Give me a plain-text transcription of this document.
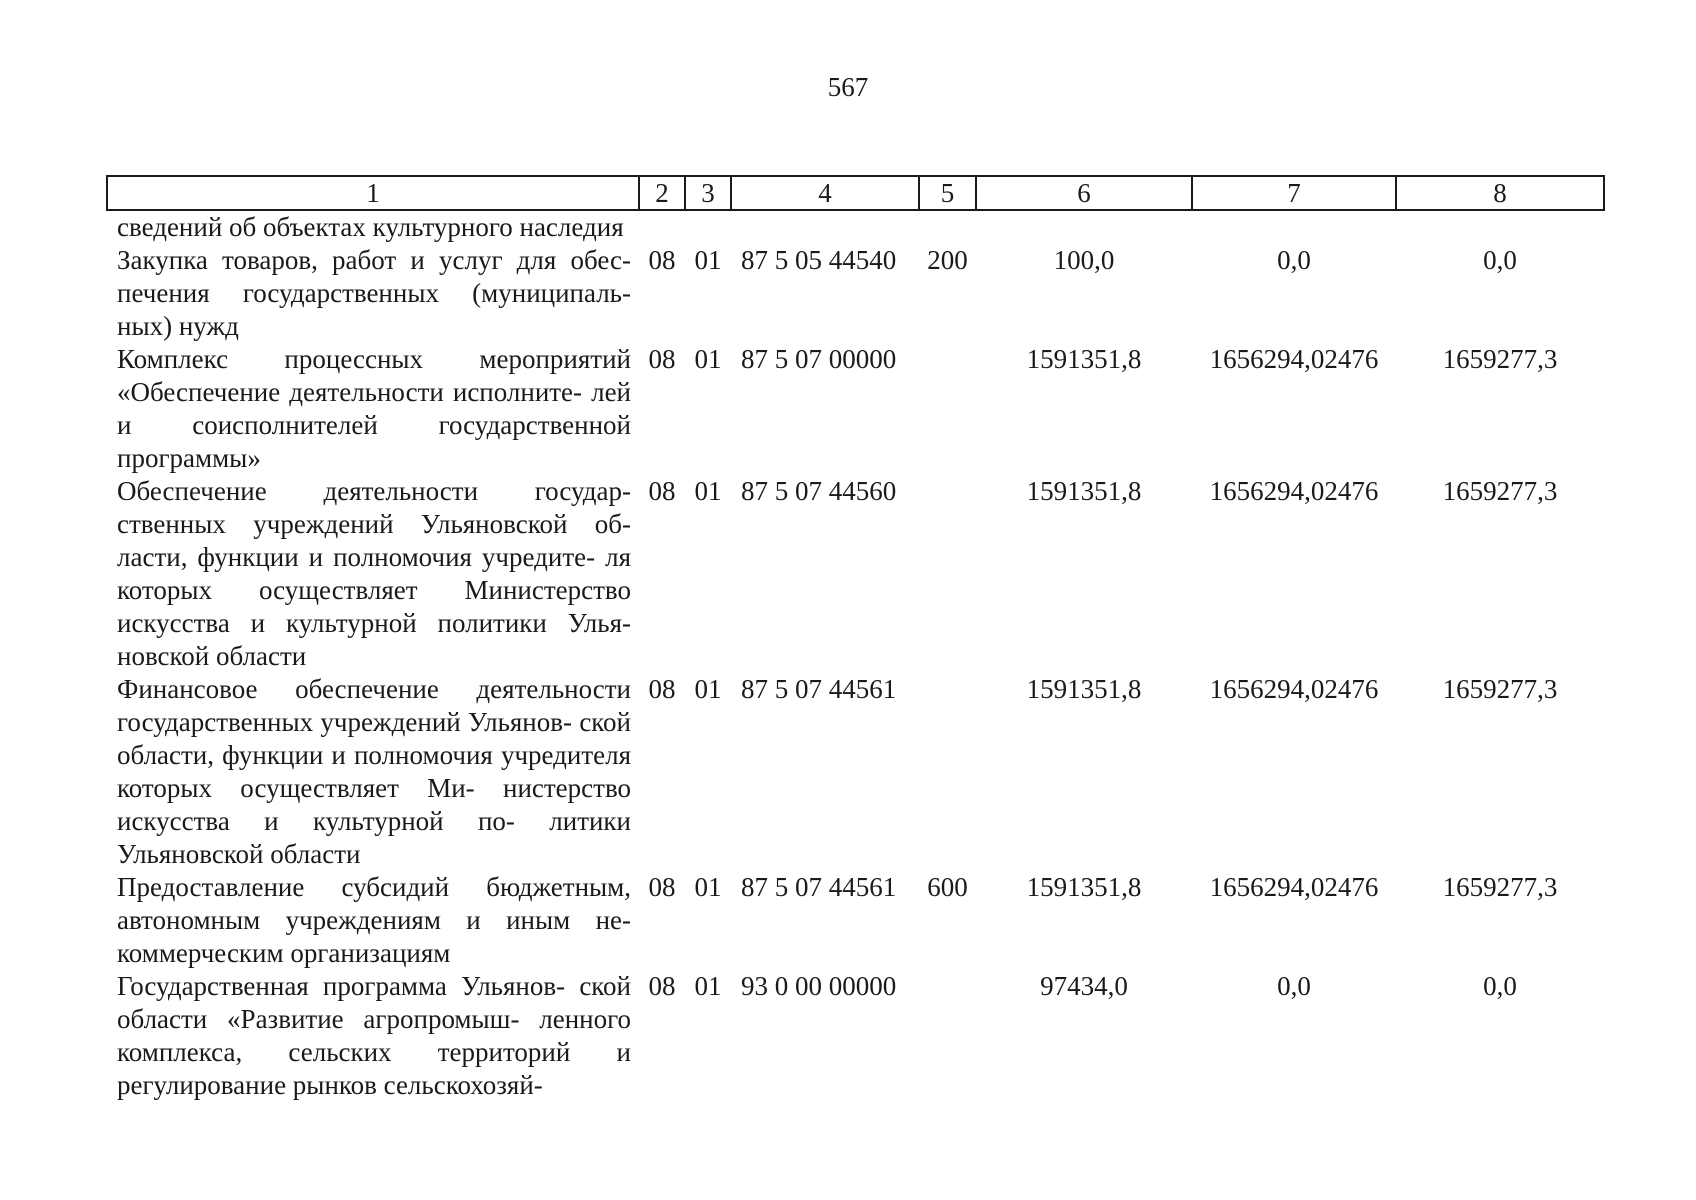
567
1	2	3	4	5	6	7	8
сведений об объектах культурного наследия							
Закупка товаров, работ и услуг для обес- печения государственных (муниципаль- ных) нужд	08	01	87 5 05 44540	200	100,0	0,0	0,0
Комплекс процессных мероприятий «Обеспечение деятельности исполните- лей и соисполнителей государственной программы»	08	01	87 5 07 00000		1591351,8	1656294,02476	1659277,3
Обеспечение деятельности государ- ственных учреждений Ульяновской об- ласти, функции и полномочия учредите- ля которых осуществляет Министерство искусства и культурной политики Улья- новской области	08	01	87 5 07 44560		1591351,8	1656294,02476	1659277,3
Финансовое обеспечение деятельности государственных учреждений Ульянов- ской области, функции и полномочия учредителя которых осуществляет Ми- нистерство искусства и культурной по- литики Ульяновской области	08	01	87 5 07 44561		1591351,8	1656294,02476	1659277,3
Предоставление субсидий бюджетным, автономным учреждениям и иным не- коммерческим организациям	08	01	87 5 07 44561	600	1591351,8	1656294,02476	1659277,3
Государственная программа Ульянов- ской области «Развитие агропромыш- ленного комплекса, сельских территорий и регулирование рынков сельскохозяй-	08	01	93 0 00 00000		97434,0	0,0	0,0
